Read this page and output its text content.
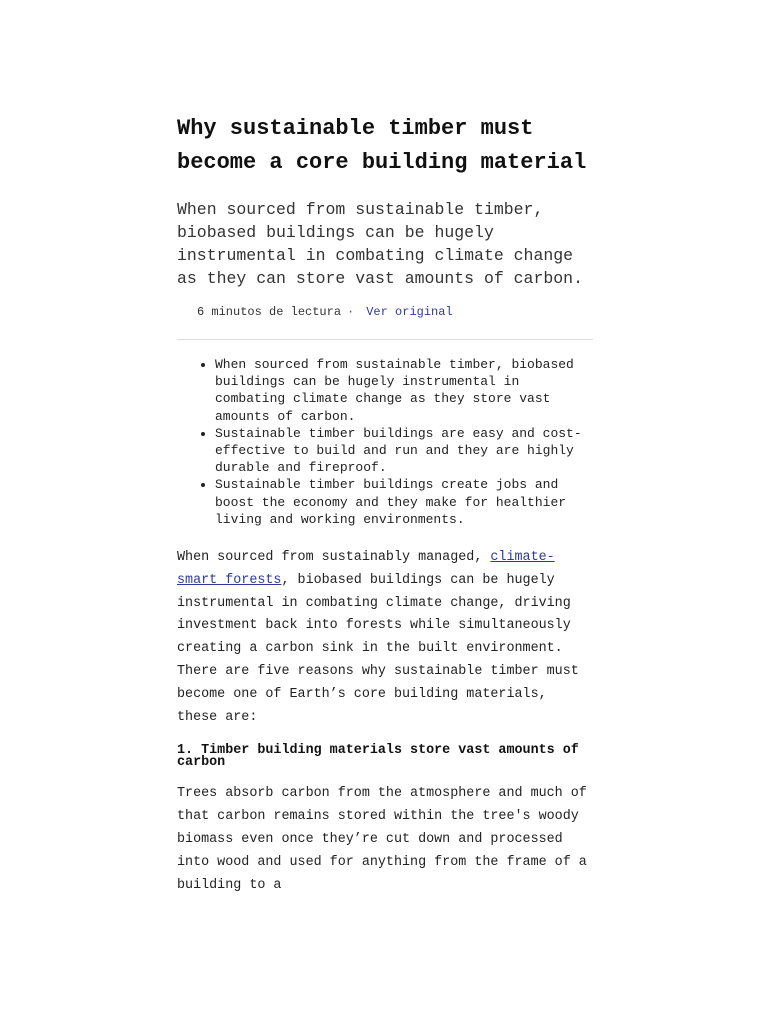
Why sustainable timber must become a core building material

When sourced from sustainable timber, biobased buildings can be hugely instrumental in combating climate change as they can store vast amounts of carbon.

6 minutos de lectura · Ver original
• When sourced from sustainable timber, biobased buildings can be hugely instrumental in combating climate change as they store vast amounts of carbon.
• Sustainable timber buildings are easy and cost-effective to build and run and they are highly durable and fireproof.
• Sustainable timber buildings create jobs and boost the economy and they make for healthier living and working environments.

When sourced from sustainably managed, climate-smart forests, biobased buildings can be hugely instrumental in combating climate change, driving investment back into forests while simultaneously creating a carbon sink in the built environment. There are five reasons why sustainable timber must become one of Earth’s core building materials, these are:

1. Timber building materials store vast amounts of carbon

Trees absorb carbon from the atmosphere and much of that carbon remains stored within the tree's woody biomass even once they’re cut down and processed into wood and used for anything from the frame of a building to a
